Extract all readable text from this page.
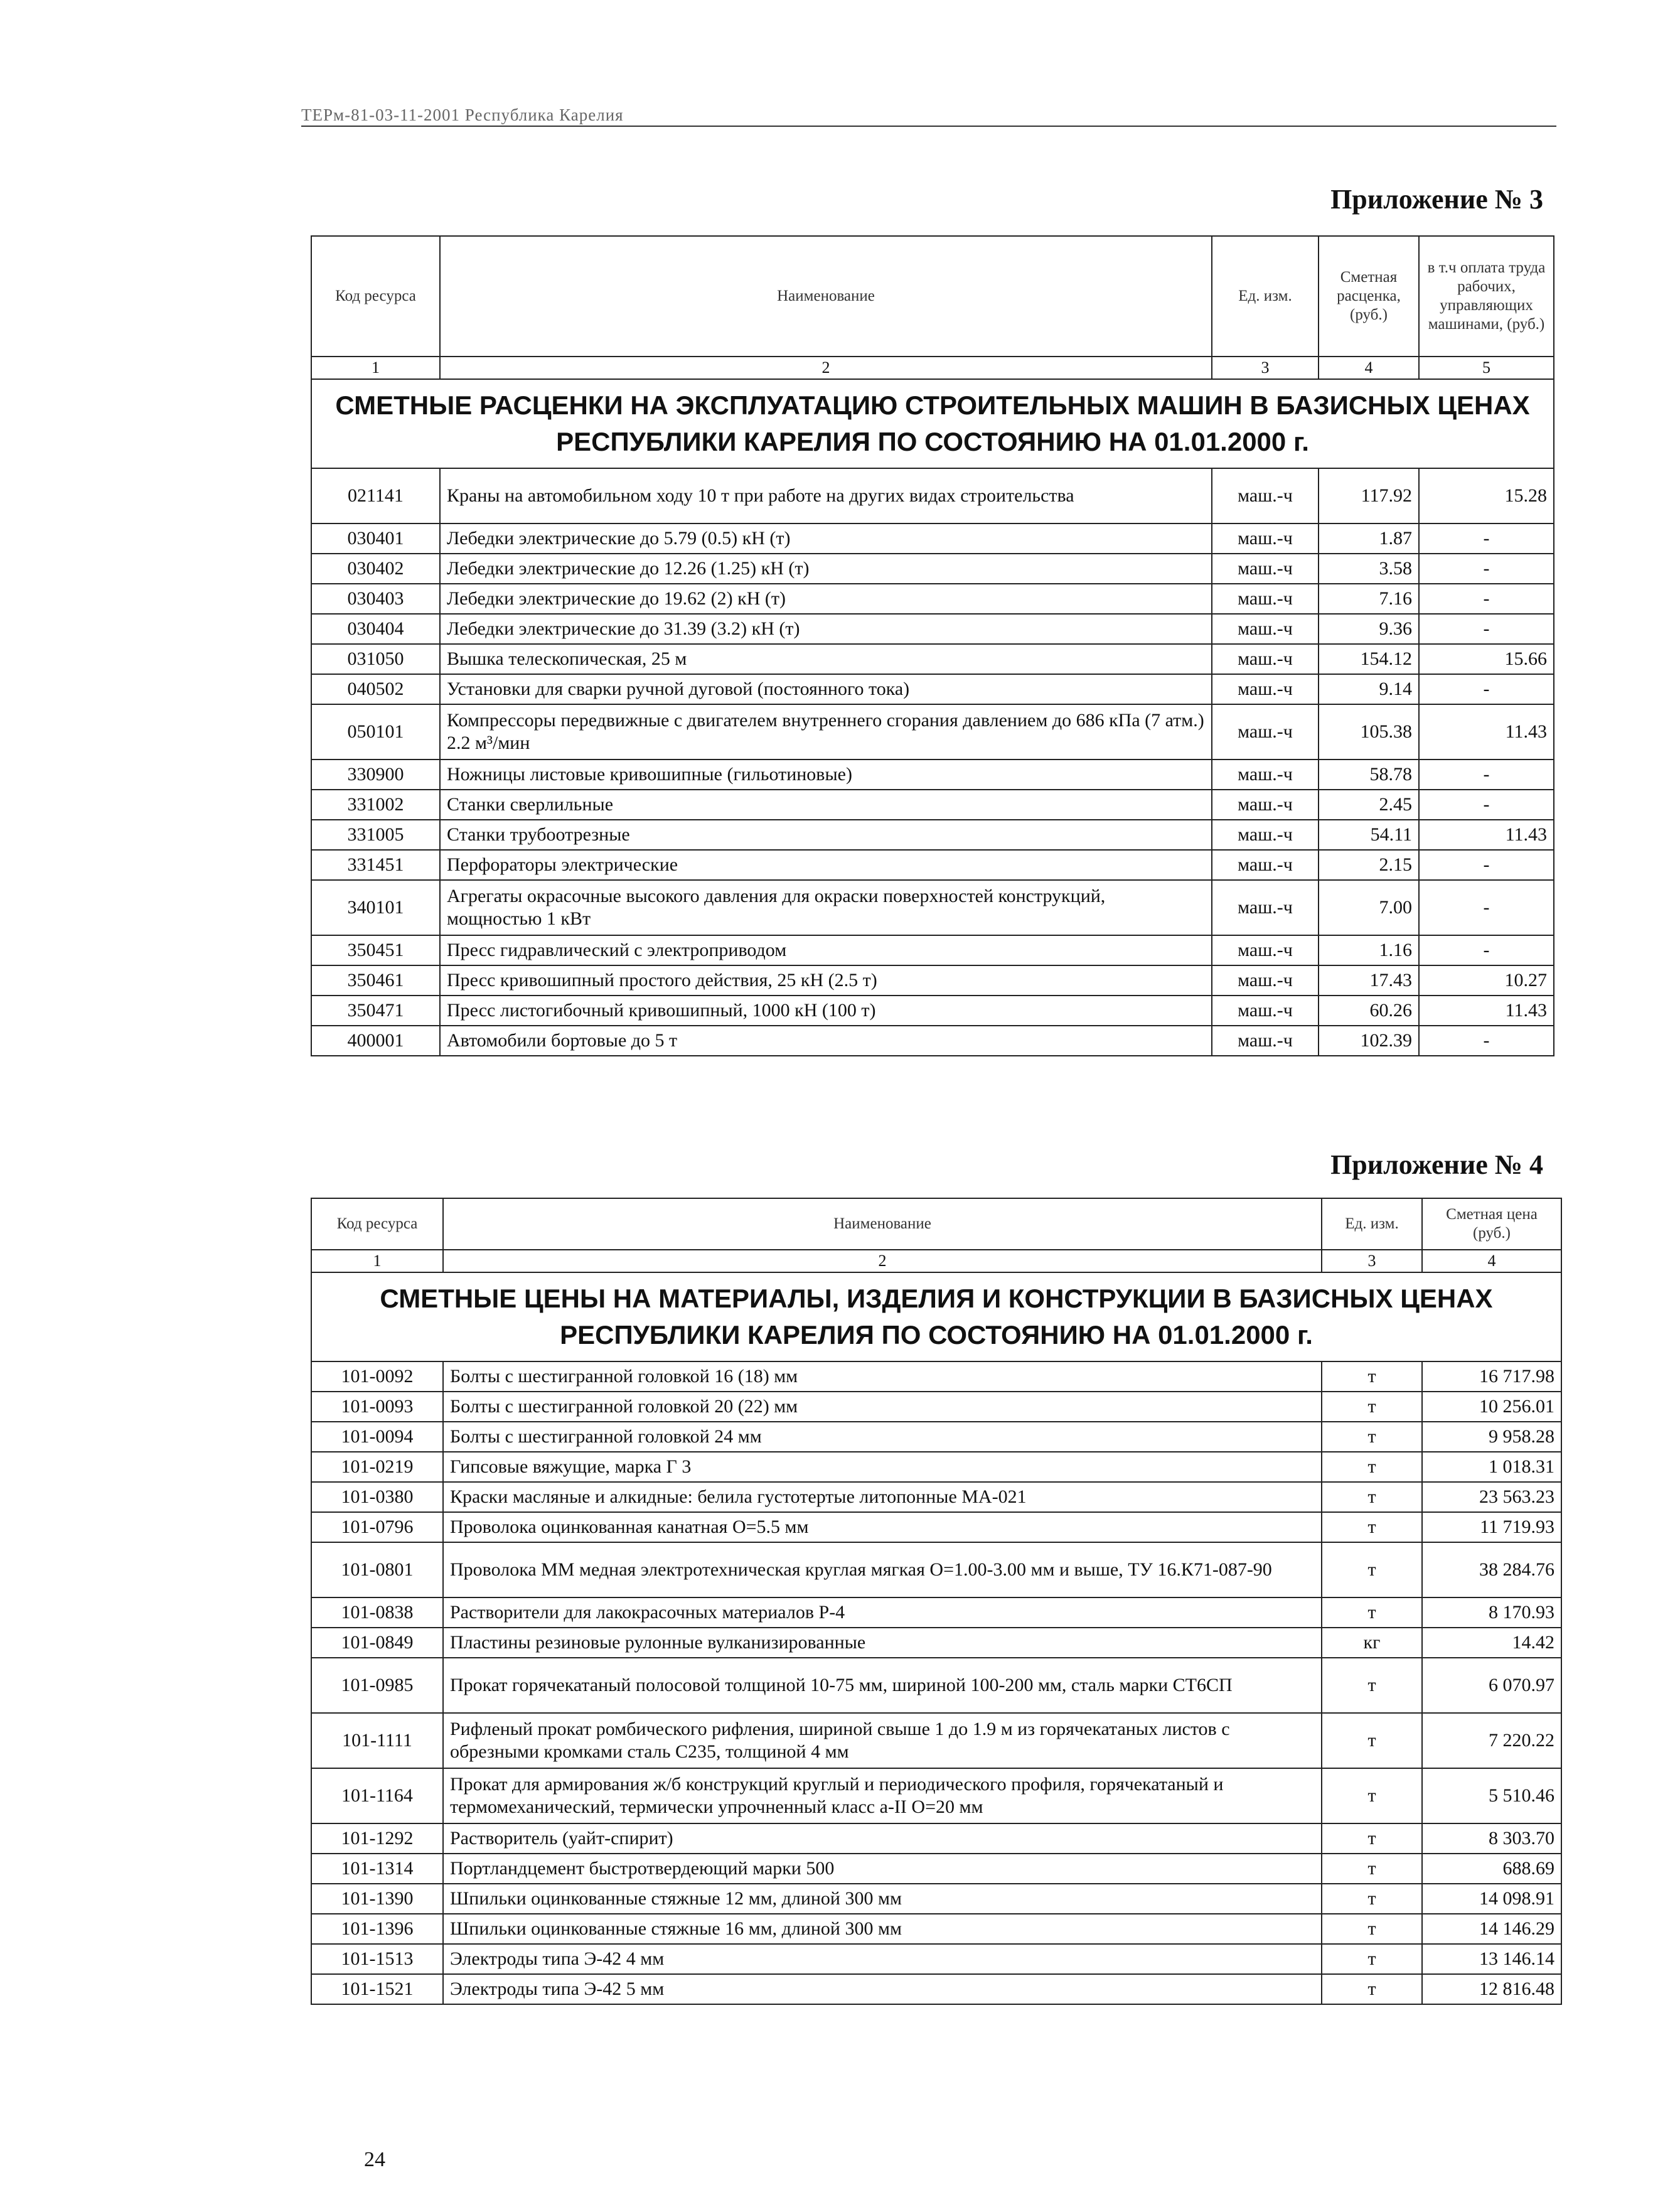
ТЕРм-81-03-11-2001 Республика Карелия
Приложение № 3
Код ресурса	Наименование	Ед. изм.	Сметная расценка, (руб.)	в т.ч оплата труда рабочих, управляющих машинами, (руб.)
1	2	3	4	5
СМЕТНЫЕ РАСЦЕНКИ НА ЭКСПЛУАТАЦИЮ СТРОИТЕЛЬНЫХ МАШИН В БАЗИСНЫХ ЦЕНАХ РЕСПУБЛИКИ КАРЕЛИЯ ПО СОСТОЯНИЮ НА 01.01.2000 г.				
021141	Краны на автомобильном ходу 10 т при работе на других видах строительства	маш.-ч	117.92	15.28
030401	Лебедки электрические до 5.79 (0.5) кН (т)	маш.-ч	1.87	-
030402	Лебедки электрические до 12.26 (1.25) кН (т)	маш.-ч	3.58	-
030403	Лебедки электрические до 19.62 (2) кН (т)	маш.-ч	7.16	-
030404	Лебедки электрические до 31.39 (3.2) кН (т)	маш.-ч	9.36	-
031050	Вышка телескопическая, 25 м	маш.-ч	154.12	15.66
040502	Установки для сварки ручной дуговой (постоянного тока)	маш.-ч	9.14	-
050101	Компрессоры передвижные с двигателем внутреннего сгорания давлением до 686 кПа (7 атм.) 2.2 м³/мин	маш.-ч	105.38	11.43
330900	Ножницы листовые кривошипные (гильотиновые)	маш.-ч	58.78	-
331002	Станки сверлильные	маш.-ч	2.45	-
331005	Станки трубоотрезные	маш.-ч	54.11	11.43
331451	Перфораторы электрические	маш.-ч	2.15	-
340101	Агрегаты окрасочные высокого давления для окраски поверхностей конструкций, мощностью 1 кВт	маш.-ч	7.00	-
350451	Пресс гидравлический с электроприводом	маш.-ч	1.16	-
350461	Пресс кривошипный простого действия, 25 кН (2.5 т)	маш.-ч	17.43	10.27
350471	Пресс листогибочный кривошипный, 1000 кН (100 т)	маш.-ч	60.26	11.43
400001	Автомобили бортовые до 5 т	маш.-ч	102.39	-
Приложение № 4
Код ресурса	Наименование	Ед. изм.	Сметная цена (руб.)
1	2	3	4
СМЕТНЫЕ ЦЕНЫ НА МАТЕРИАЛЫ, ИЗДЕЛИЯ И КОНСТРУКЦИИ В БАЗИСНЫХ ЦЕНАХ РЕСПУБЛИКИ КАРЕЛИЯ ПО СОСТОЯНИЮ НА 01.01.2000 г.			
101-0092	Болты с шестигранной головкой 16 (18) мм	т	16 717.98
101-0093	Болты с шестигранной головкой 20 (22) мм	т	10 256.01
101-0094	Болты с шестигранной головкой 24 мм	т	9 958.28
101-0219	Гипсовые вяжущие, марка Г 3	т	1 018.31
101-0380	Краски масляные и алкидные: белила густотертые литопонные МА-021	т	23 563.23
101-0796	Проволока оцинкованная канатная О=5.5 мм	т	11 719.93
101-0801	Проволока ММ медная электротехническая круглая мягкая О=1.00-3.00 мм и выше, ТУ 16.К71-087-90	т	38 284.76
101-0838	Растворители для лакокрасочных материалов Р-4	т	8 170.93
101-0849	Пластины резиновые рулонные вулканизированные	кг	14.42
101-0985	Прокат горячекатаный полосовой толщиной 10-75 мм, шириной 100-200 мм, сталь марки СТ6СП	т	6 070.97
101-1111	Рифленый прокат ромбического рифления, шириной свыше 1 до 1.9 м из горячекатаных листов с обрезными кромками сталь С235, толщиной 4 мм	т	7 220.22
101-1164	Прокат для армирования ж/б конструкций круглый и периодического профиля, горячекатаный и термомеханический, термически упрочненный класс а-II О=20 мм	т	5 510.46
101-1292	Растворитель (уайт-спирит)	т	8 303.70
101-1314	Портландцемент быстротвердеющий марки 500	т	688.69
101-1390	Шпильки оцинкованные стяжные 12 мм, длиной 300 мм	т	14 098.91
101-1396	Шпильки оцинкованные стяжные 16 мм, длиной 300 мм	т	14 146.29
101-1513	Электроды типа Э-42 4 мм	т	13 146.14
101-1521	Электроды типа Э-42 5 мм	т	12 816.48
24
